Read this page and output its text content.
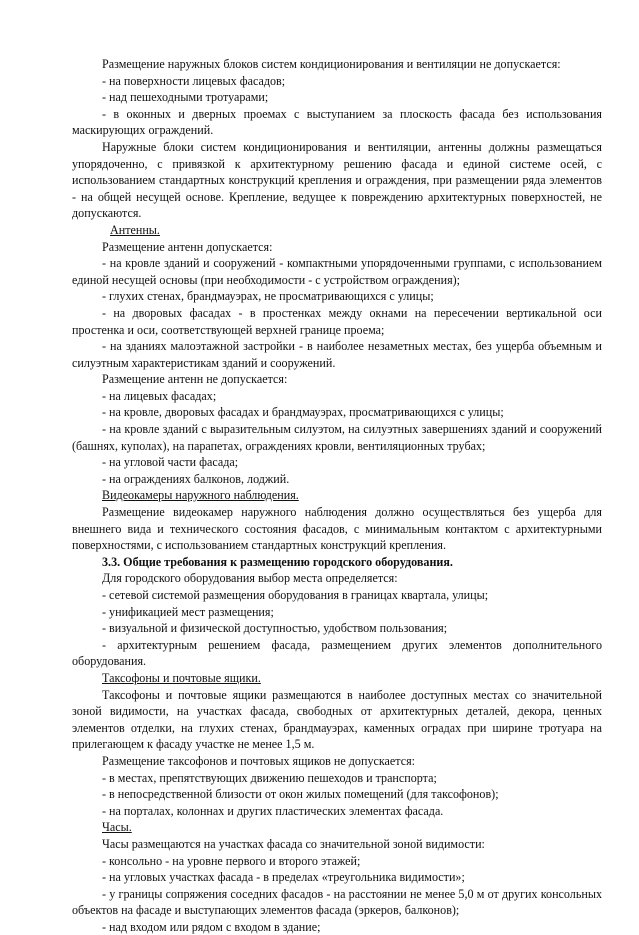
Размещение наружных блоков систем кондиционирования и вентиляции не допускается:

- на поверхности лицевых фасадов;

- над пешеходными тротуарами;

- в оконных и дверных проемах с выступанием за плоскость фасада без использования маскирующих ограждений.

Наружные блоки систем кондиционирования и вентиляции, антенны должны размещаться упорядоченно, с привязкой к архитектурному решению фасада и единой системе осей, с использованием стандартных конструкций крепления и ограждения, при размещении ряда элементов - на общей несущей основе. Крепление, ведущее к повреждению архитектурных поверхностей, не допускаются.

Антенны.

Размещение антенн допускается:

- на кровле зданий и сооружений - компактными упорядоченными группами, с использованием единой несущей основы (при необходимости - с устройством ограждения);

- глухих стенах, брандмауэрах, не просматривающихся с улицы;

- на дворовых фасадах - в простенках между окнами на пересечении вертикальной оси простенка и оси, соответствующей верхней границе проема;

- на зданиях малоэтажной застройки - в наиболее незаметных местах, без ущерба объемным и силуэтным характеристикам зданий и сооружений.

Размещение антенн не допускается:

- на лицевых фасадах;

- на кровле, дворовых фасадах и брандмауэрах, просматривающихся с улицы;

- на кровле зданий с выразительным силуэтом, на силуэтных завершениях зданий и сооружений (башнях, куполах), на парапетах, ограждениях кровли, вентиляционных трубах;

- на угловой части фасада;

- на ограждениях балконов, лоджий.

Видеокамеры наружного наблюдения.

Размещение видеокамер наружного наблюдения должно осуществляться без ущерба для внешнего вида и технического состояния фасадов, с минимальным контактом с архитектурными поверхностями, с использованием стандартных конструкций крепления.

3.3. Общие требования к размещению городского оборудования.

Для городского оборудования выбор места определяется:

- сетевой системой размещения оборудования в границах квартала, улицы;

- унификацией мест размещения;

- визуальной и физической доступностью, удобством пользования;

- архитектурным решением фасада, размещением других элементов дополнительного оборудования.

Таксофоны и почтовые ящики.

Таксофоны и почтовые ящики размещаются в наиболее доступных местах со значительной зоной видимости, на участках фасада, свободных от архитектурных деталей, декора, ценных элементов отделки, на глухих стенах, брандмауэрах, каменных оградах при ширине тротуара на прилегающем к фасаду участке не менее 1,5 м.

Размещение таксофонов и почтовых ящиков не допускается:

- в местах, препятствующих движению пешеходов и транспорта;

- в непосредственной близости от окон жилых помещений (для таксофонов);

- на порталах, колоннах и других пластических элементах фасада.

Часы.

Часы размещаются на участках фасада со значительной зоной видимости:

- консольно - на уровне первого и второго этажей;

- на угловых участках фасада - в пределах «треугольника видимости»;

- у границы сопряжения соседних фасадов - на расстоянии не менее 5,0 м от других консольных объектов на фасаде и выступающих элементов фасада (эркеров, балконов);

- над входом или рядом с входом в здание;
